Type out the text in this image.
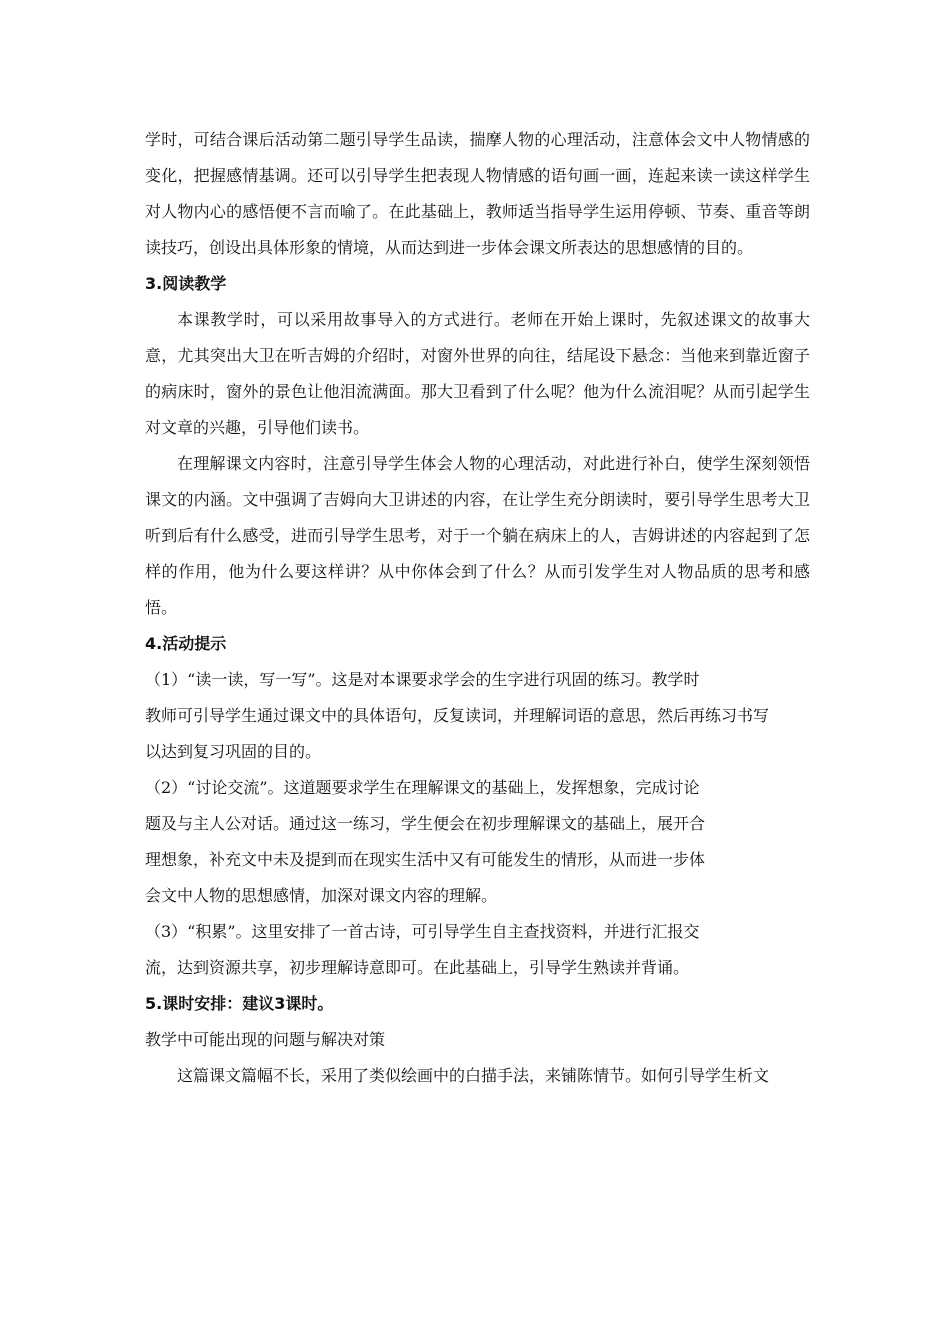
学时，可结合课后活动第二题引导学生品读，揣摩人物的心理活动，注意体会文中人物情感的变化，把握感情基调。还可以引导学生把表现人物情感的语句画一画，连起来读一读这样学生对人物内心的感悟便不言而喻了。在此基础上，教师适当指导学生运用停顿、节奏、重音等朗读技巧，创设出具体形象的情境，从而达到进一步体会课文所表达的思想感情的目的。

3.阅读教学

本课教学时，可以采用故事导入的方式进行。老师在开始上课时，先叙述课文的故事大意，尤其突出大卫在听吉姆的介绍时，对窗外世界的向往，结尾设下悬念：当他来到靠近窗子的病床时，窗外的景色让他泪流满面。那大卫看到了什么呢？他为什么流泪呢？从而引起学生对文章的兴趣，引导他们读书。

在理解课文内容时，注意引导学生体会人物的心理活动，对此进行补白，使学生深刻领悟课文的内涵。文中强调了吉姆向大卫讲述的内容，在让学生充分朗读时，要引导学生思考大卫听到后有什么感受，进而引导学生思考，对于一个躺在病床上的人，吉姆讲述的内容起到了怎样的作用，他为什么要这样讲？从中你体会到了什么？从而引发学生对人物品质的思考和感悟。

4.活动提示

（1）“读一读，写一写”。这是对本课要求学会的生字进行巩固的练习。教学时

教师可引导学生通过课文中的具体语句，反复读词，并理解词语的意思，然后再练习书写

以达到复习巩固的目的。

（2）“讨论交流”。这道题要求学生在理解课文的基础上，发挥想象，完成讨论

题及与主人公对话。通过这一练习，学生便会在初步理解课文的基础上，展开合

理想象，补充文中未及提到而在现实生活中又有可能发生的情形，从而进一步体

会文中人物的思想感情，加深对课文内容的理解。

（3）“积累”。这里安排了一首古诗，可引导学生自主查找资料，并进行汇报交

流，达到资源共享，初步理解诗意即可。在此基础上，引导学生熟读并背诵。

5.课时安排：建议3课时。

教学中可能出现的问题与解决对策

这篇课文篇幅不长，采用了类似绘画中的白描手法，来铺陈情节。如何引导学生析文
